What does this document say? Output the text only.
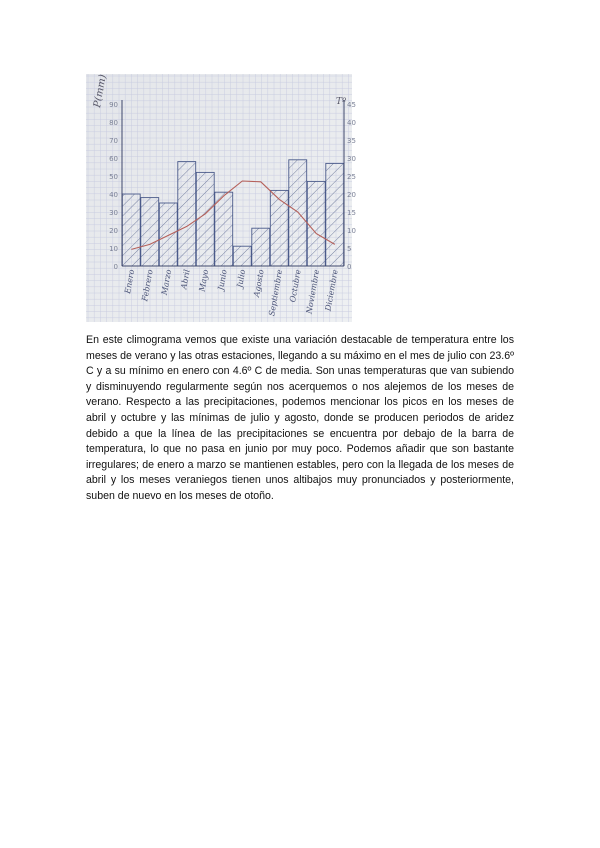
0
10
20
30
40
50
60
70
80
90
0
5
10
15
20
25
30
35
40
45
Enero Febrero Marzo Abril Mayo Junio Julio Agosto Septiembre Octubre Noviembre Diciembre
P(mm)	Tº

En este climograma vemos que existe una variación destacable de temperatura entre los meses de verano y las otras estaciones, llegando a su máximo en el mes de julio con 23.6º C y a su mínimo en enero con 4.6º C de media. Son unas temperaturas que van subiendo y disminuyendo regularmente según nos acerquemos o nos alejemos de los meses de verano. Respecto a las precipitaciones, podemos mencionar los picos en los meses de abril y octubre y las mínimas de julio y agosto, donde se producen periodos de aridez debido a que la línea de las precipitaciones se encuentra por debajo de la barra de temperatura, lo que no pasa en junio por muy poco. Podemos añadir que son bastante irregulares; de enero a marzo se mantienen estables, pero con la llegada de los meses de abril y los meses veraniegos tienen unos altibajos muy pronunciados y posteriormente, suben de nuevo en los meses de otoño.
